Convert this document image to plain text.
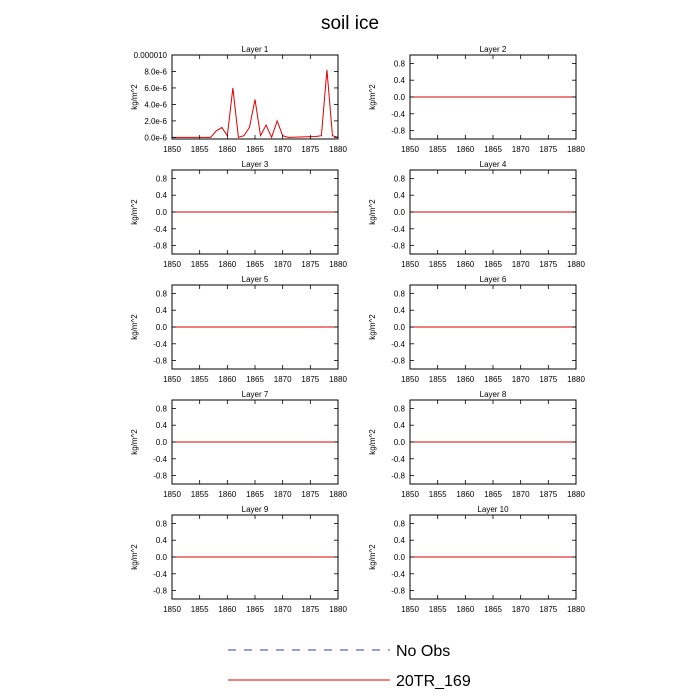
soil ice
Layer 1
kg/m^2
1850 1855 1860 1865 1870 1875 1880
0.0e-6
2.0e-6
4.0e-6
6.0e-6
8.0e-6
0.000010
Layer 2
kg/m^2
1850 1855 1860 1865 1870 1875 1880
-0.8
-0.4
0.0
0.4
0.8
Layer 3
kg/m^2
1850 1855 1860 1865 1870 1875 1880
-0.8
-0.4
0.0
0.4
0.8
Layer 4
kg/m^2
1850 1855 1860 1865 1870 1875 1880
-0.8
-0.4
0.0
0.4
0.8
Layer 5
kg/m^2
1850 1855 1860 1865 1870 1875 1880
-0.8
-0.4
0.0
0.4
0.8
Layer 6
kg/m^2
1850 1855 1860 1865 1870 1875 1880
-0.8
-0.4
0.0
0.4
0.8
Layer 7
kg/m^2
1850 1855 1860 1865 1870 1875 1880
-0.8
-0.4
0.0
0.4
0.8
Layer 8
kg/m^2
1850 1855 1860 1865 1870 1875 1880
-0.8
-0.4
0.0
0.4
0.8
Layer 9
kg/m^2
1850 1855 1860 1865 1870 1875 1880
-0.8
-0.4
0.0
0.4
0.8
Layer 10
kg/m^2
1850 1855 1860 1865 1870 1875 1880
-0.8
-0.4
0.0
0.4
0.8
No Obs
20TR_169
